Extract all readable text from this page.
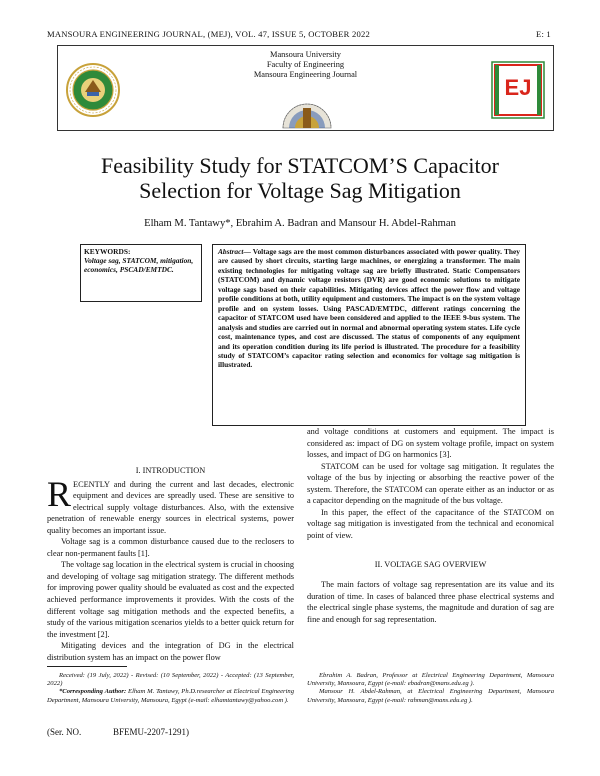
MANSOURA ENGINEERING JOURNAL, (MEJ), VOL. 47, ISSUE 5, OCTOBER 2022	E: 1
Mansoura University
Faculty of Engineering
Mansoura Engineering Journal
EJ
Feasibility Study for STATCOM’S Capacitor
Selection for Voltage Sag Mitigation
Elham M. Tantawy*, Ebrahim A. Badran and Mansour H. Abdel-Rahman
KEYWORDS:
Voltage sag, STATCOM, mitigation, economics, PSCAD/EMTDC.
Abstract— Voltage sags are the most common disturbances associated with power quality. They are caused by short circuits, starting large machines, or energizing a transformer. The main existing technologies for mitigating voltage sag are briefly illustrated. Static Compensators (STATCOM) and dynamic voltage resistors (DVR) are good economic solutions to mitigate voltage sags based on their capabilities. Mitigating devices affect the power flow and voltage profile conditions at both, utility equipment and customers. The impact is on the system voltage profile and on system losses. Using PASCAD/EMTDC, different ratings concerning the capacitor of STATCOM used have been considered and applied to the IEEE 9-bus system. The analysis and studies are carried out in normal and abnormal operating system states. Life cycle cost, maintenance types, and cost are discussed. The status of components of any equipment and its operation condition during its life period is illustrated. The procedure for a feasibility study of STATCOM’s capacitor rating selection and economics for voltage sag mitigation is illustrated.

I. INTRODUCTION

RECENTLY and during the current and last decades, electronic equipment and devices are spreadly used. These are sensitive to electrical supply voltage disturbances. Also, with the extensive penetration of renewable energy sources in electrical systems, power quality becomes an important issue.

Voltage sag is a common disturbance caused due to the reclosers to clear non-permanent faults [1].

The voltage sag location in the electrical system is crucial in choosing and developing of voltage sag mitigation strategy. The different methods for improving power quality should be evaluated as cost and the expected achieved performance improvements it provides. With the costs of the different voltage sag mitigation methods and the expected benefits, a study of the various mitigation scenarios yields to a better quick return for the investment [2].

Mitigating devices and the integration of DG in the electrical distribution system has an impact on the power flow

and voltage conditions at customers and equipment. The impact is considered as: impact of DG on system voltage profile, impact on system losses, and impact of DG on harmonics [3].

STATCOM can be used for voltage sag mitigation. It regulates the voltage of the bus by injecting or absorbing the reactive power of the system. Therefore, the STATCOM can operate either as an inductor or as a capacitor depending on the magnitude of the bus voltage.

In this paper, the effect of the capacitance of the STATCOM on voltage sag mitigation is investigated from the technical and economical point of view.

II. VOLTAGE SAG OVERVIEW

The main factors of voltage sag representation are its value and its duration of time. In cases of balanced three phase electrical systems and the electrical single phase systems, the magnitude and duration of sag are fine and enough for sag representation.

Received: (19 July, 2022) - Revised: (10 September, 2022) - Accepted: (13 September, 2022)
*Corresponding Author: Elham M. Tantawy, Ph.D.researcher at Electrical Engineering Department, Mansoura University, Mansoura, Egypt (e-mail: elhamtantawy@yahoo.com ).
Ebrahim A. Badran, Professor at Electrical Engineering Department, Mansoura University, Mansoura, Egypt (e-mail: ebadran@mans.edu.eg ).
Mansour H. Abdel-Rahman, at Electrical Engineering Department, Mansoura University, Mansoura, Egypt (e-mail: rahman@mans.edu.eg ).
(Ser. NO.	BFEMU-2207-1291)
